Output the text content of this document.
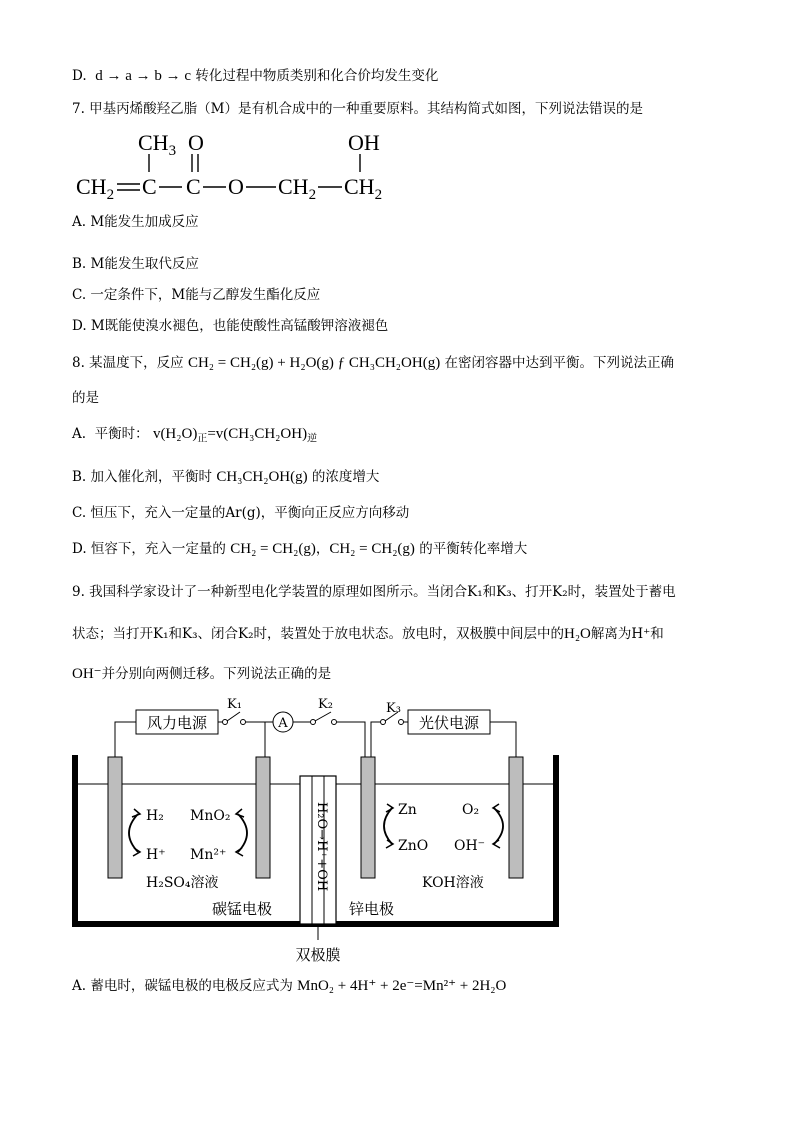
D. d → a → b → c 转化过程中物质类别和化合价均发生变化
7. 甲基丙烯酸羟乙脂（M）是有机合成中的一种重要原料。其结构简式如图，下列说法错误的是
$CH_3$ O	OH
$CH_2$ C C O $CH_2$ $CH_2$
A. M能发生加成反应
B. M能发生取代反应
C. 一定条件下，M能与乙醇发生酯化反应
D. M既能使溴水褪色，也能使酸性高锰酸钾溶液褪色
8. 某温度下，反应 CH₂ = CH₂(g) + H₂O(g) ƒ CH₃CH₂OH(g) 在密闭容器中达到平衡。下列说法正确
的是
A. 平衡时： $v(H_2O)_正=v(CH_3CH_2OH)_逆$
B. 加入催化剂，平衡时 CH₃CH₂OH(g) 的浓度增大
C. 恒压下，充入一定量的Ar(g)，平衡向正反应方向移动
D. 恒容下，充入一定量的 CH₂ = CH₂(g)，CH₂ = CH₂(g) 的平衡转化率增大
9. 我国科学家设计了一种新型电化学装置的原理如图所示。当闭合K₁和K₃、打开K₂时，装置处于蓄电
状态；当打开K₁和K₃、闭合K₂时，装置处于放电状态。放电时，双极膜中间层中的H₂O解离为H⁺和
OH⁻并分别向两侧迁移。下列说法正确的是
H₂O→H⁺+OH⁻
双极膜
风力电源
K₁
A
K₂	K₃
光伏电源
H₂
H⁺
MnO₂
Mn²⁺
H₂SO₄溶液
碳锰电极
Zn
ZnO
O₂
OH⁻
KOH溶液
锌电极
A. 蓄电时，碳锰电极的电极反应式为 MnO₂ + 4H⁺ + 2e⁻=Mn²⁺ + 2H₂O
